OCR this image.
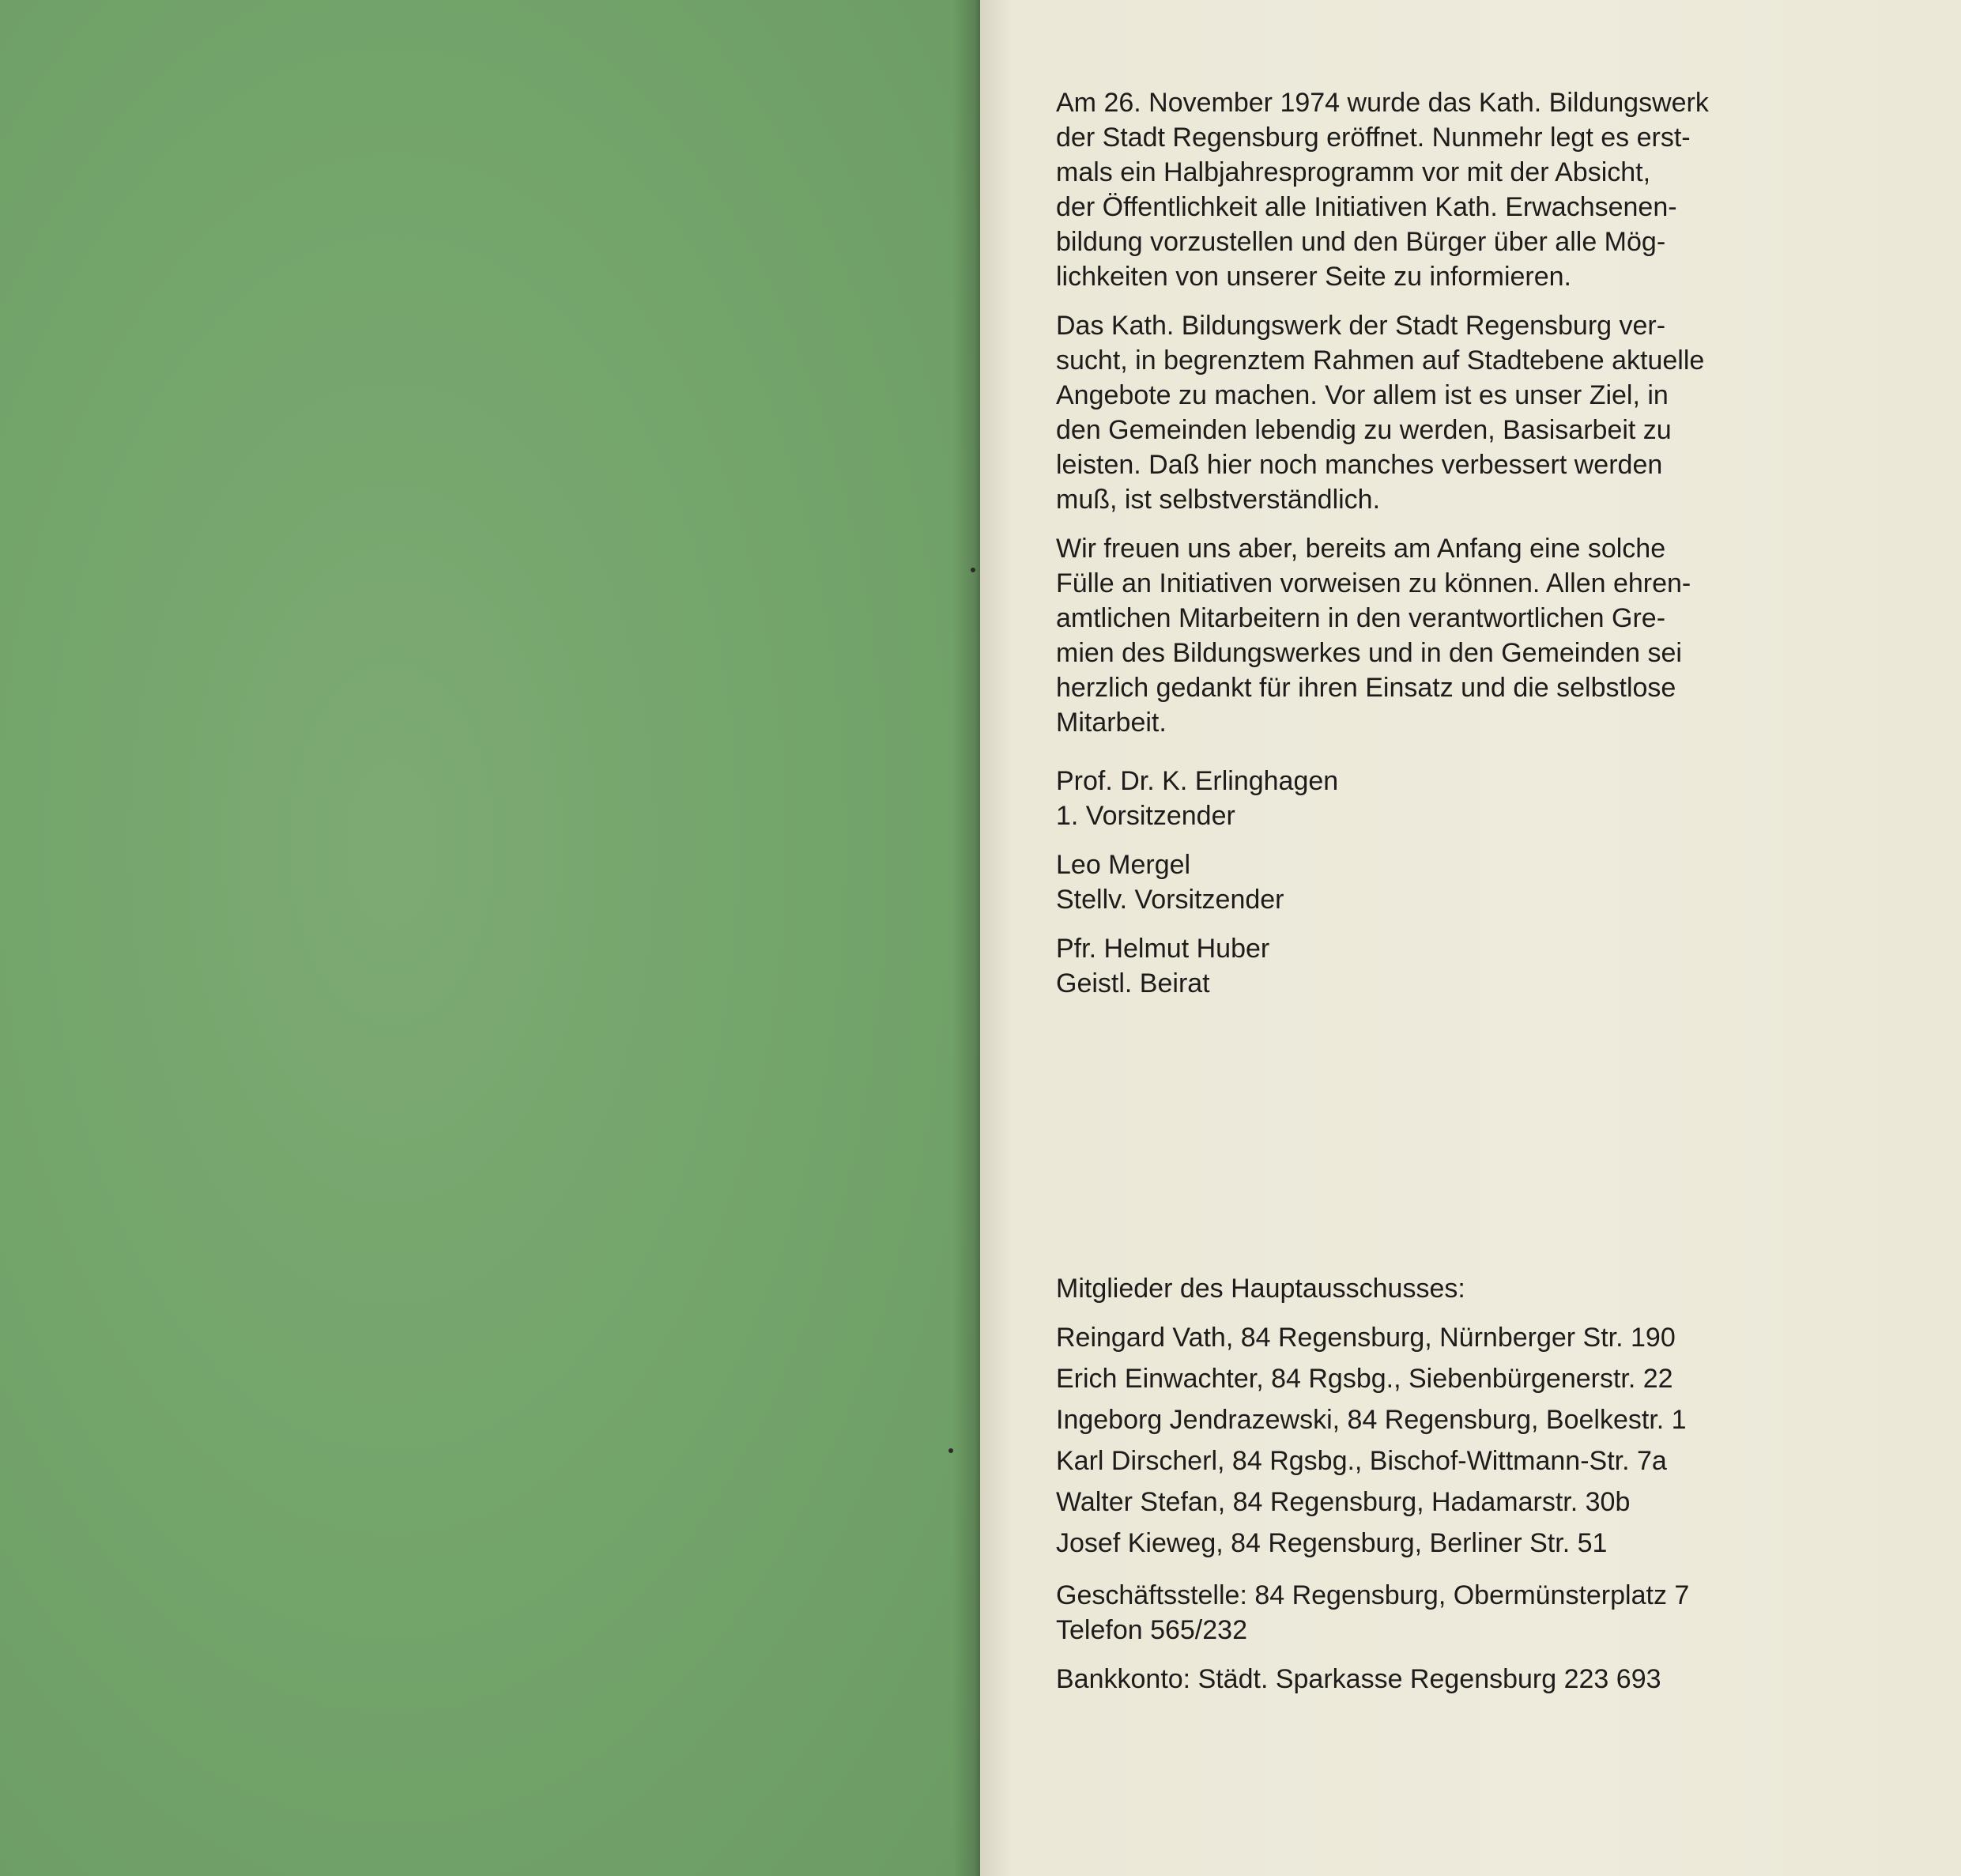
Am 26. November 1974 wurde das Kath. Bildungswerk
der Stadt Regensburg eröffnet. Nunmehr legt es erst-
mals ein Halbjahresprogramm vor mit der Absicht,
der Öffentlichkeit alle Initiativen Kath. Erwachsenen-
bildung vorzustellen und den Bürger über alle Mög-
lichkeiten von unserer Seite zu informieren.
Das Kath. Bildungswerk der Stadt Regensburg ver-
sucht, in begrenztem Rahmen auf Stadtebene aktuelle
Angebote zu machen. Vor allem ist es unser Ziel, in
den Gemeinden lebendig zu werden, Basisarbeit zu
leisten. Daß hier noch manches verbessert werden
muß, ist selbstverständlich.
Wir freuen uns aber, bereits am Anfang eine solche
Fülle an Initiativen vorweisen zu können. Allen ehren-
amtlichen Mitarbeitern in den verantwortlichen Gre-
mien des Bildungswerkes und in den Gemeinden sei
herzlich gedankt für ihren Einsatz und die selbstlose
Mitarbeit.
Prof. Dr. K. Erlinghagen
1. Vorsitzender
Leo Mergel
Stellv. Vorsitzender
Pfr. Helmut Huber
Geistl. Beirat
Mitglieder des Hauptausschusses:
Reingard Vath, 84 Regensburg, Nürnberger Str. 190
Erich Einwachter, 84 Rgsbg., Siebenbürgenerstr. 22
Ingeborg Jendrazewski, 84 Regensburg, Boelkestr. 1
Karl Dirscherl, 84 Rgsbg., Bischof-Wittmann-Str. 7a
Walter Stefan, 84 Regensburg, Hadamarstr. 30b
Josef Kieweg, 84 Regensburg, Berliner Str. 51
Geschäftsstelle: 84 Regensburg, Obermünsterplatz 7
Telefon 565/232
Bankkonto: Städt. Sparkasse Regensburg 223 693
